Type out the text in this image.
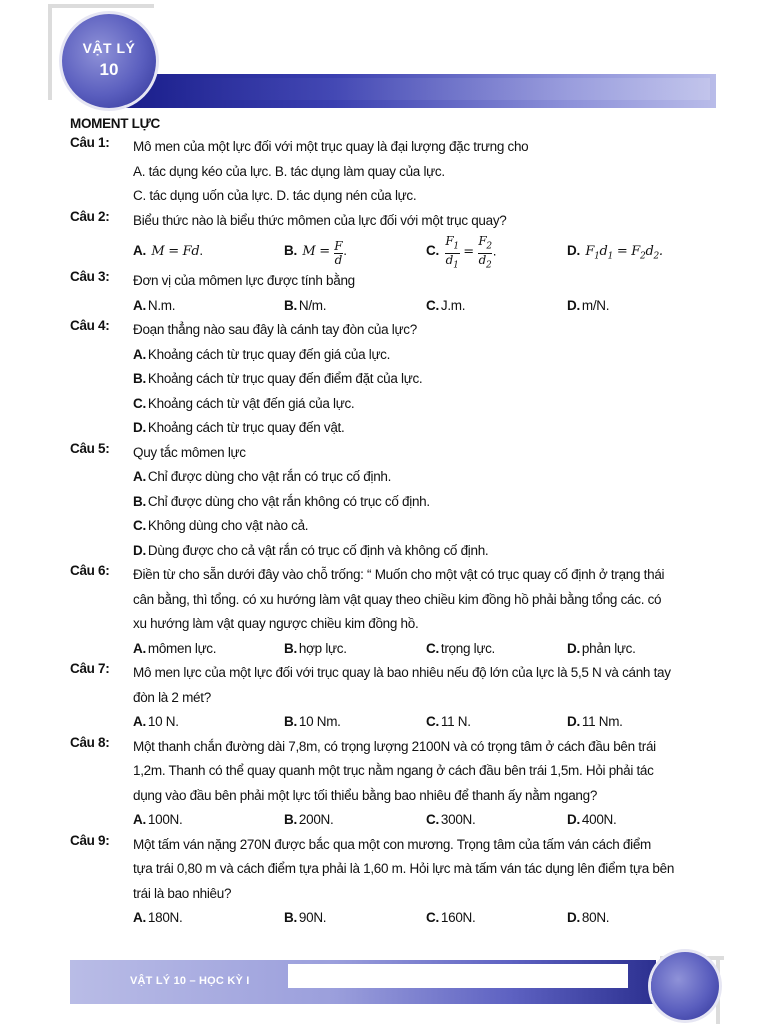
VẬT LÝ
10
MOMENT LỰC
Câu 1:	Mô men của một lực đối với một trục quay là đại lượng đặc trưng cho
A. tác dụng kéo của lực. B. tác dụng làm quay của lực.
C. tác dụng uốn của lực. D. tác dụng nén của lực.
Câu 2:	Biểu thức nào là biểu thức mômen của lực đối với một trục quay?
A. M = Fd.	B. $M = \frac{F}{d}$ .	C. $\frac{F_1}{d_1} = \frac{F_2}{d_2}$ .	D. $F_1d_1 = F_2d_2$.
Câu 3:	Đơn vị của mômen lực được tính bằng
A. N.m.	B. N/m.	C. J.m.	D. m/N.
Câu 4:	Đoạn thẳng nào sau đây là cánh tay đòn của lực?
A. Khoảng cách từ trục quay đến giá của lực.
B. Khoảng cách từ trục quay đến điểm đặt của lực.
C. Khoảng cách từ vật đến giá của lực.
D. Khoảng cách từ trục quay đến vật.
Câu 5:	Quy tắc mômen lực
A. Chỉ được dùng cho vật rắn có trục cố định.
B. Chỉ được dùng cho vật rắn không có trục cố định.
C. Không dùng cho vật nào cả.
D. Dùng được cho cả vật rắn có trục cố định và không cố định.
Câu 6:	Điền từ cho sẵn dưới đây vào chỗ trống: “ Muốn cho một vật có trục quay cố định ở trạng thái
cân bằng, thì tổng. có xu hướng làm vật quay theo chiều kim đồng hồ phải bằng tổng các. có
xu hướng làm vật quay ngược chiều kim đồng hồ.
A. mômen lực.	B. hợp lực.	C. trọng lực.	D. phản lực.
Câu 7:	Mô men lực của một lực đối với trục quay là bao nhiêu nếu độ lớn của lực là 5,5 N và cánh tay
đòn là 2 mét?
A. 10 N.	B. 10 Nm.	C. 11 N.	D. 11 Nm.
Câu 8:	Một thanh chắn đường dài 7,8m, có trọng lượng 2100N và có trọng tâm ở cách đầu bên trái
1,2m. Thanh có thể quay quanh một trục nằm ngang ở cách đầu bên trái 1,5m. Hỏi phải tác
dụng vào đầu bên phải một lực tối thiểu bằng bao nhiêu để thanh ấy nằm ngang?
A. 100N.	B. 200N.	C. 300N.	D. 400N.
Câu 9:	Một tấm ván nặng 270N được bắc qua một con mương. Trọng tâm của tấm ván cách điểm
tựa trái 0,80 m và cách điểm tựa phải là 1,60 m. Hỏi lực mà tấm ván tác dụng lên điểm tựa bên
trái là bao nhiêu?
A. 180N.	B. 90N.	C. 160N.	D. 80N.
VẬT LÝ 10 – HỌC KỲ I
